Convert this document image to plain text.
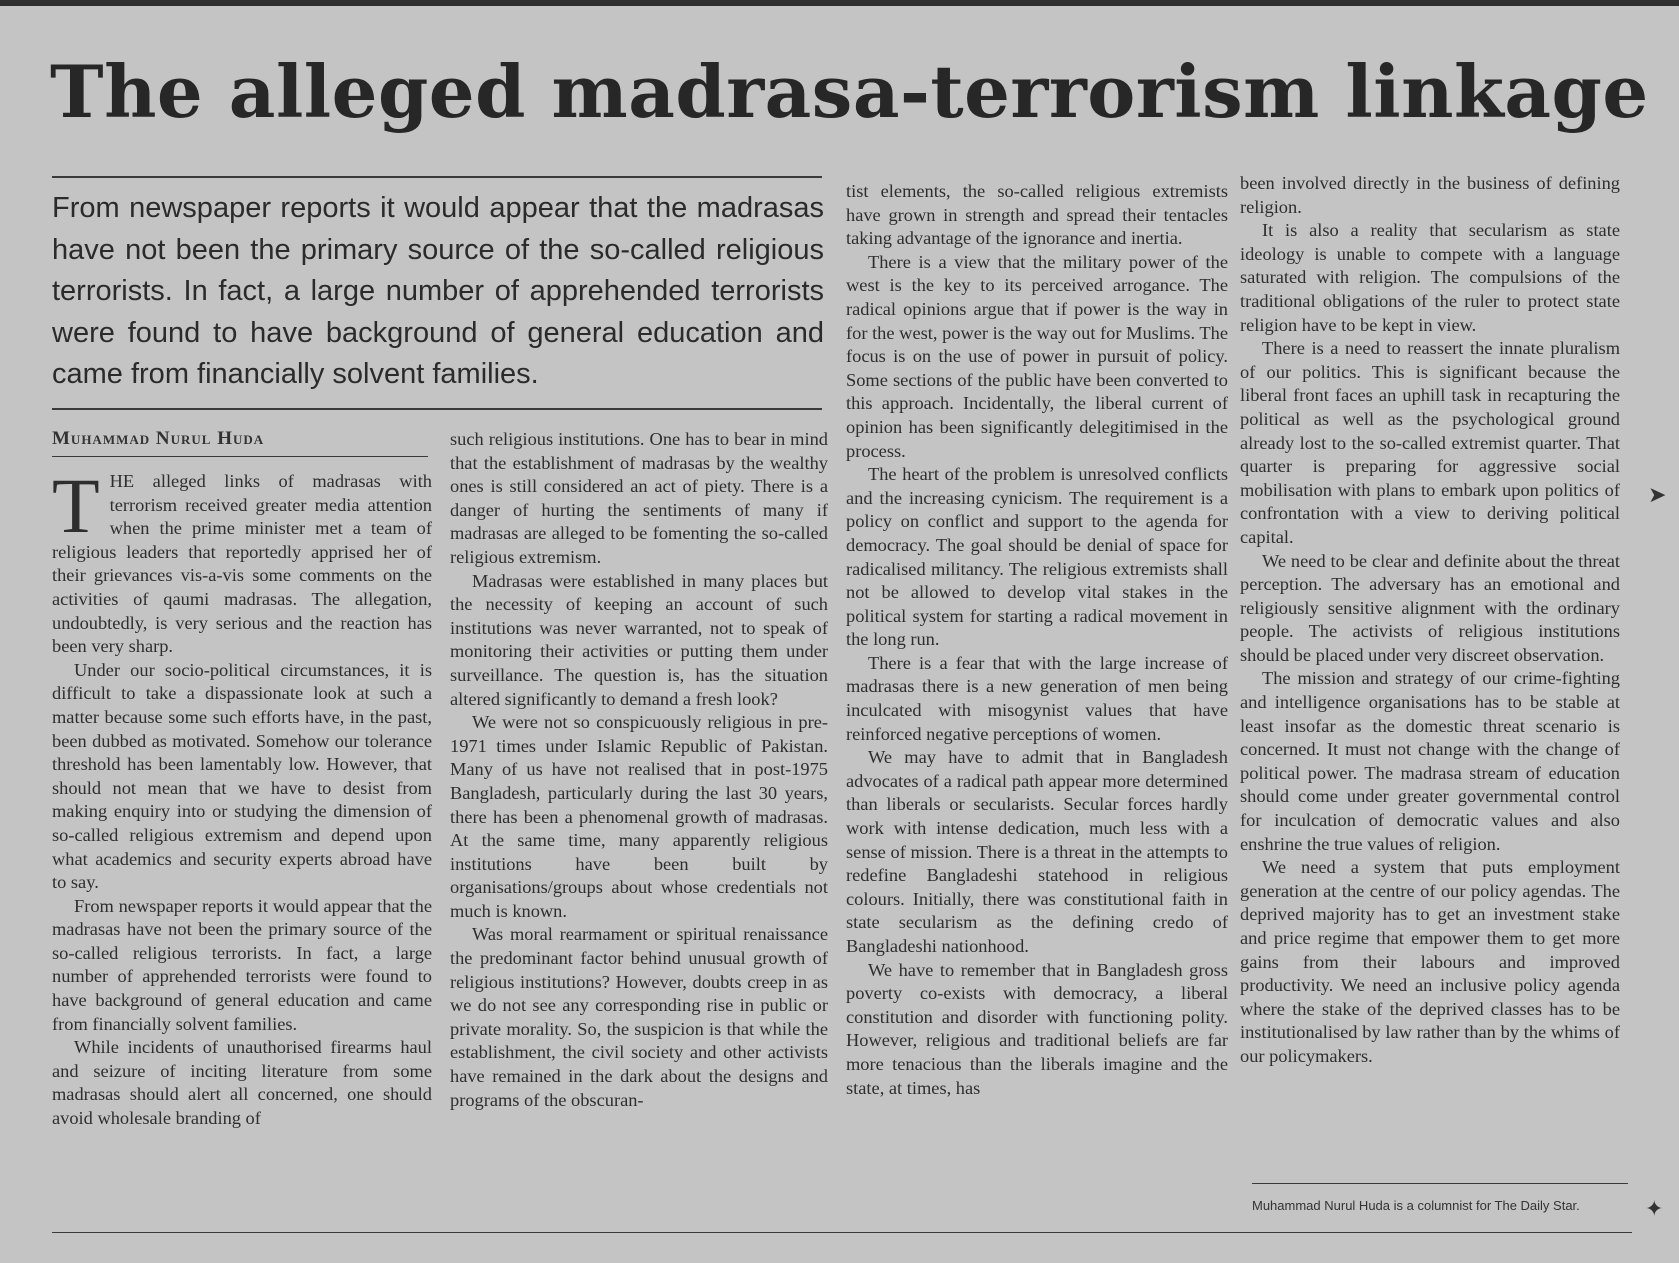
The alleged madrasa-terrorism linkage
From newspaper reports it would appear that the madrasas have not been the primary source of the so-called religious terrorists. In fact, a large number of apprehended terrorists were found to have background of general education and came from financially solvent families.
Muhammad Nurul Huda

THE alleged links of madrasas with terrorism received greater media attention when the prime minister met a team of religious leaders that reportedly apprised her of their grievances vis-a-vis some comments on the activities of qaumi madrasas. The allegation, undoubtedly, is very serious and the reaction has been very sharp.

Under our socio-political circumstances, it is difficult to take a dispassionate look at such a matter because some such efforts have, in the past, been dubbed as motivated. Somehow our tolerance threshold has been lamentably low. However, that should not mean that we have to desist from making enquiry into or studying the dimension of so-called religious extremism and depend upon what academics and security experts abroad have to say.

From newspaper reports it would appear that the madrasas have not been the primary source of the so-called religious terrorists. In fact, a large number of apprehended terrorists were found to have background of general education and came from financially solvent families.

While incidents of unauthorised firearms haul and seizure of inciting literature from some madrasas should alert all concerned, one should avoid wholesale branding of

such religious institutions. One has to bear in mind that the establishment of madrasas by the wealthy ones is still considered an act of piety. There is a danger of hurting the sentiments of many if madrasas are alleged to be fomenting the so-called religious extremism.

Madrasas were established in many places but the necessity of keeping an account of such institutions was never warranted, not to speak of monitoring their activities or putting them under surveillance. The question is, has the situation altered significantly to demand a fresh look?

We were not so conspicuously religious in pre-1971 times under Islamic Republic of Pakistan. Many of us have not realised that in post-1975 Bangladesh, particularly during the last 30 years, there has been a phenomenal growth of madrasas. At the same time, many apparently religious institutions have been built by organisations/groups about whose credentials not much is known.

Was moral rearmament or spiritual renaissance the predominant factor behind unusual growth of religious institutions? However, doubts creep in as we do not see any corresponding rise in public or private morality. So, the suspicion is that while the establishment, the civil society and other activists have remained in the dark about the designs and programs of the obscuran-

tist elements, the so-called religious extremists have grown in strength and spread their tentacles taking advantage of the ignorance and inertia.

There is a view that the military power of the west is the key to its perceived arrogance. The radical opinions argue that if power is the way in for the west, power is the way out for Muslims. The focus is on the use of power in pursuit of policy. Some sections of the public have been converted to this approach. Incidentally, the liberal current of opinion has been significantly delegitimised in the process.

The heart of the problem is unresolved conflicts and the increasing cynicism. The requirement is a policy on conflict and support to the agenda for democracy. The goal should be denial of space for radicalised militancy. The religious extremists shall not be allowed to develop vital stakes in the political system for starting a radical movement in the long run.

There is a fear that with the large increase of madrasas there is a new generation of men being inculcated with misogynist values that have reinforced negative perceptions of women.

We may have to admit that in Bangladesh advocates of a radical path appear more determined than liberals or secularists. Secular forces hardly work with intense dedication, much less with a sense of mission. There is a threat in the attempts to redefine Bangladeshi statehood in religious colours. Initially, there was constitutional faith in state secularism as the defining credo of Bangladeshi nationhood.

We have to remember that in Bangladesh gross poverty co-exists with democracy, a liberal constitution and disorder with functioning polity. However, religious and traditional beliefs are far more tenacious than the liberals imagine and the state, at times, has

been involved directly in the business of defining religion.

It is also a reality that secularism as state ideology is unable to compete with a language saturated with religion. The compulsions of the traditional obligations of the ruler to protect state religion have to be kept in view.

There is a need to reassert the innate pluralism of our politics. This is significant because the liberal front faces an uphill task in recapturing the political as well as the psychological ground already lost to the so-called extremist quarter. That quarter is preparing for aggressive social mobilisation with plans to embark upon politics of confrontation with a view to deriving political capital.

We need to be clear and definite about the threat perception. The adversary has an emotional and religiously sensitive alignment with the ordinary people. The activists of religious institutions should be placed under very discreet observation.

The mission and strategy of our crime-fighting and intelligence organisations has to be stable at least insofar as the domestic threat scenario is concerned. It must not change with the change of political power. The madrasa stream of education should come under greater governmental control for inculcation of democratic values and also enshrine the true values of religion.

We need a system that puts employment generation at the centre of our policy agendas. The deprived majority has to get an investment stake and price regime that empower them to get more gains from their labours and improved productivity. We need an inclusive policy agenda where the stake of the deprived classes has to be institutionalised by law rather than by the whims of our policymakers.

Muhammad Nurul Huda is a columnist for The Daily Star.
➤
✦
